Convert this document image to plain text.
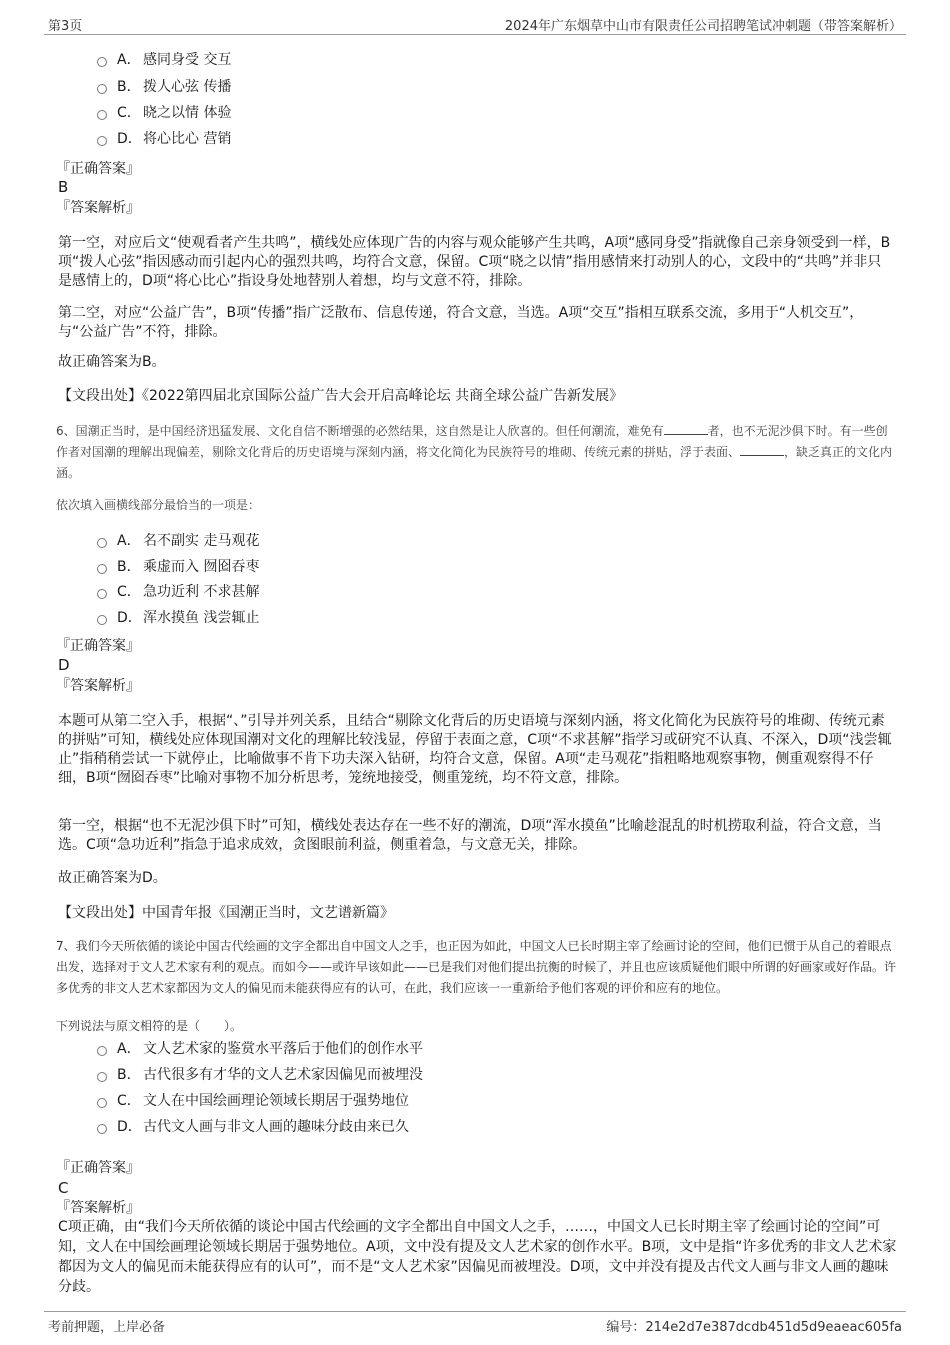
第3页	2024年广东烟草中山市有限责任公司招聘笔试冲刺题（带答案解析）
A． 感同身受 交互
B． 拨人心弦 传播
C． 晓之以情 体验
D．将心比心 营销
『正确答案』
B
『答案解析』
第一空，对应后文“使观看者产生共鸣”，横线处应体现广告的内容与观众能够产生共鸣，A项“感同身受”指就像自己亲身领受到一样，B项“拨人心弦”指因感动而引起内心的强烈共鸣，均符合文意，保留。C项“晓之以情”指用感情来打动别人的心，文段中的“共鸣”并非只是感情上的，D项“将心比心”指设身处地替别人着想，均与文意不符，排除。
第二空，对应“公益广告”，B项“传播”指广泛散布、信息传递，符合文意，当选。A项“交互”指相互联系交流，多用于“人机交互”，与“公益广告”不符，排除。
故正确答案为B。
【文段出处】《2022第四届北京国际公益广告大会开启高峰论坛 共商全球公益广告新发展》
6、国潮正当时，是中国经济迅猛发展、文化自信不断增强的必然结果，这自然是让人欣喜的。但任何潮流，难免有	者，也不无泥沙俱下时。有一些创作者对国潮的理解出现偏差，剔除文化背后的历史语境与深刻内涵，将文化简化为民族符号的堆砌、传统元素的拼贴，浮于表面、	，缺乏真正的文化内涵。
依次填入画横线部分最恰当的一项是：
A． 名不副实 走马观花
B． 乘虚而入 囫囵吞枣
C． 急功近利 不求甚解
D．浑水摸鱼 浅尝辄止
『正确答案』
D
『答案解析』
本题可从第二空入手，根据“、”引导并列关系，且结合“剔除文化背后的历史语境与深刻内涵，将文化简化为民族符号的堆砌、传统元素的拼贴”可知，横线处应体现国潮对文化的理解比较浅显，停留于表面之意，C项“不求甚解”指学习或研究不认真、不深入，D项“浅尝辄止”指稍稍尝试一下就停止，比喻做事不肯下功夫深入钻研，均符合文意，保留。A项“走马观花”指粗略地观察事物，侧重观察得不仔细，B项“囫囵吞枣”比喻对事物不加分析思考，笼统地接受，侧重笼统，均不符文意，排除。
第一空，根据“也不无泥沙俱下时”可知，横线处表达存在一些不好的潮流，D项“浑水摸鱼”比喻趁混乱的时机捞取利益，符合文意，当选。C项“急功近利”指急于追求成效，贪图眼前利益，侧重着急，与文意无关，排除。
故正确答案为D。
【文段出处】中国青年报《国潮正当时，文艺谱新篇》
7、我们今天所依循的谈论中国古代绘画的文字全都出自中国文人之手，也正因为如此，中国文人已长时期主宰了绘画讨论的空间，他们已惯于从自己的着眼点出发，选择对于文人艺术家有利的观点。而如今——或许早该如此——已是我们对他们提出抗衡的时候了，并且也应该质疑他们眼中所谓的好画家或好作品。许多优秀的非文人艺术家都因为文人的偏见而未能获得应有的认可，在此，我们应该一一重新给予他们客观的评价和应有的地位。
下列说法与原文相符的是（　　）。
A． 文人艺术家的鉴赏水平落后于他们的创作水平
B． 古代很多有才华的文人艺术家因偏见而被埋没
C． 文人在中国绘画理论领域长期居于强势地位
D．古代文人画与非文人画的趣味分歧由来已久
『正确答案』
C
『答案解析』
C项正确，由“我们今天所依循的谈论中国古代绘画的文字全都出自中国文人之手，……，中国文人已长时期主宰了绘画讨论的空间”可知，文人在中国绘画理论领域长期居于强势地位。A项，文中没有提及文人艺术家的创作水平。B项，文中是指“许多优秀的非文人艺术家都因为文人的偏见而未能获得应有的认可”，而不是“文人艺术家”因偏见而被埋没。D项，文中并没有提及古代文人画与非文人画的趣味分歧。
考前押题，上岸必备	编号：214e2d7e387dcdb451d5d9eaeac605fa
